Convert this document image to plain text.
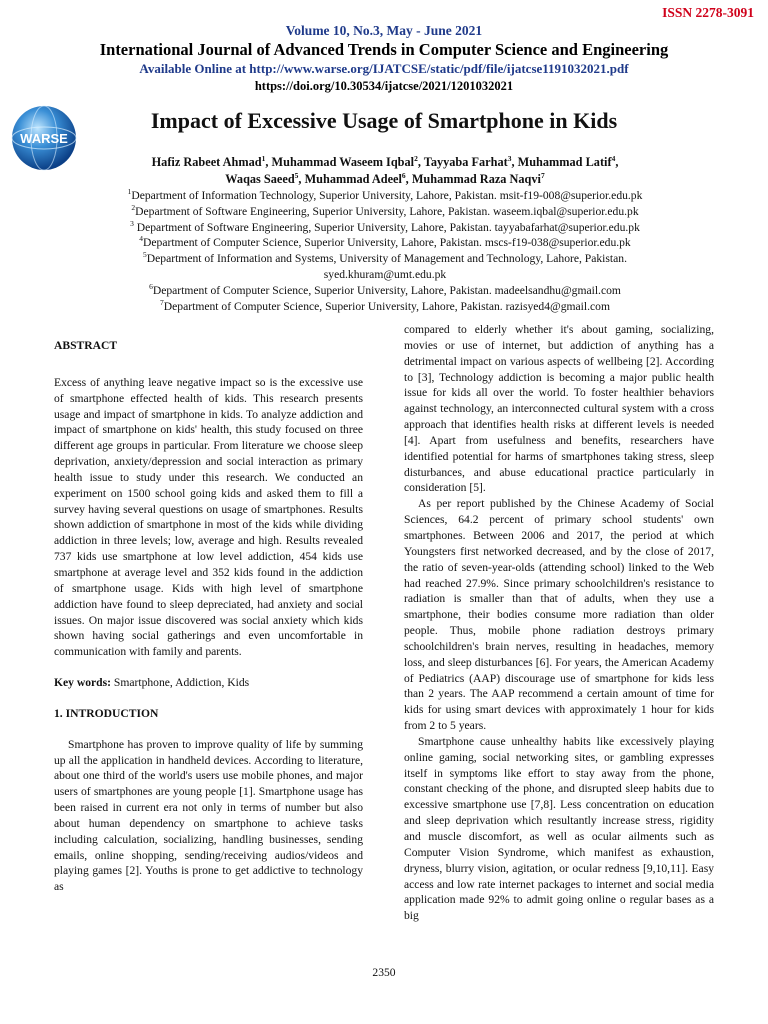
ISSN 2278-3091
Volume 10, No.3, May - June 2021
International Journal of Advanced Trends in Computer Science and Engineering
Available Online at http://www.warse.org/IJATCSE/static/pdf/file/ijatcse1191032021.pdf
https://doi.org/10.30534/ijatcse/2021/1201032021
WARSE
Impact of Excessive Usage of Smartphone in Kids
Hafiz Rabeet Ahmad$^1$, Muhammad Waseem Iqbal$^2$, Tayyaba Farhat$^3$, Muhammad Latif$^4$,
Waqas Saeed$^5$, Muhammad Adeel$^6$, Muhammad Raza Naqvi$^7$
$^1$Department of Information Technology, Superior University, Lahore, Pakistan. msit-f19-008@superior.edu.pk
$^2$Department of Software Engineering, Superior University, Lahore, Pakistan. waseem.iqbal@superior.edu.pk
$^3$ Department of Software Engineering, Superior University, Lahore, Pakistan. tayyabafarhat@superior.edu.pk
$^4$Department of Computer Science, Superior University, Lahore, Pakistan. mscs-f19-038@superior.edu.pk
$^5$Department of Information and Systems, University of Management and Technology, Lahore, Pakistan.
syed.khuram@umt.edu.pk
$^6$Department of Computer Science, Superior University, Lahore, Pakistan. madeelsandhu@gmail.com
$^7$Department of Computer Science, Superior University, Lahore, Pakistan. razisyed4@gmail.com

ABSTRACT

Excess of anything leave negative impact so is the excessive use of smartphone effected health of kids. This research presents usage and impact of smartphone in kids. To analyze addiction and impact of smartphone on kids' health, this study focused on three different age groups in particular. From literature we choose sleep deprivation, anxiety/depression and social interaction as primary health issue to study under this research. We conducted an experiment on 1500 school going kids and asked them to fill a survey having several questions on usage of smartphones. Results shown addiction of smartphone in most of the kids while dividing addiction in three levels; low, average and high. Results revealed 737 kids use smartphone at low level addiction, 454 kids use smartphone at average level and 352 kids found in the addiction of smartphone usage. Kids with high level of smartphone addiction have found to sleep depreciated, had anxiety and social issues. On major issue discovered was social anxiety which kids shown having social gatherings and even uncomfortable in communication with family and parents.

Key words: Smartphone, Addiction, Kids

1. INTRODUCTION

Smartphone has proven to improve quality of life by summing up all the application in handheld devices. According to literature, about one third of the world's users use mobile phones, and major users of smartphones are young people [1]. Smartphone usage has been raised in current era not only in terms of number but also about human dependency on smartphone to achieve tasks including calculation, socializing, handling businesses, sending emails, online shopping, sending/receiving audios/videos and playing games [2]. Youths is prone to get addictive to technology as

compared to elderly whether it's about gaming, socializing, movies or use of internet, but addiction of anything has a detrimental impact on various aspects of wellbeing [2]. According to [3], Technology addiction is becoming a major public health issue for kids all over the world. To foster healthier behaviors against technology, an interconnected cultural system with a cross approach that identifies health risks at different levels is needed [4]. Apart from usefulness and benefits, researchers have identified potential for harms of smartphones taking stress, sleep disturbances, and abuse educational practice particularly in consideration [5].

As per report published by the Chinese Academy of Social Sciences, 64.2 percent of primary school students' own smartphones. Between 2006 and 2017, the period at which Youngsters first networked decreased, and by the close of 2017, the ratio of seven-year-olds (attending school) linked to the Web had reached 27.9%. Since primary schoolchildren's resistance to radiation is smaller than that of adults, when they use a smartphone, their bodies consume more radiation than older people. Thus, mobile phone radiation destroys primary schoolchildren's brain nerves, resulting in headaches, memory loss, and sleep disturbances [6]. For years, the American Academy of Pediatrics (AAP) discourage use of smartphone for kids less than 2 years. The AAP recommend a certain amount of time for kids for using smart devices with approximately 1 hour for kids from 2 to 5 years.

Smartphone cause unhealthy habits like excessively playing online gaming, social networking sites, or gambling expresses itself in symptoms like effort to stay away from the phone, constant checking of the phone, and disrupted sleep habits due to excessive smartphone use [7,8]. Less concentration on education and sleep deprivation which resultantly increase stress, rigidity and muscle discomfort, as well as ocular ailments such as Computer Vision Syndrome, which manifest as exhaustion, dryness, blurry vision, agitation, or ocular redness [9,10,11]. Easy access and low rate internet packages to internet and social media application made 92% to admit going online o regular bases as a big

2350
